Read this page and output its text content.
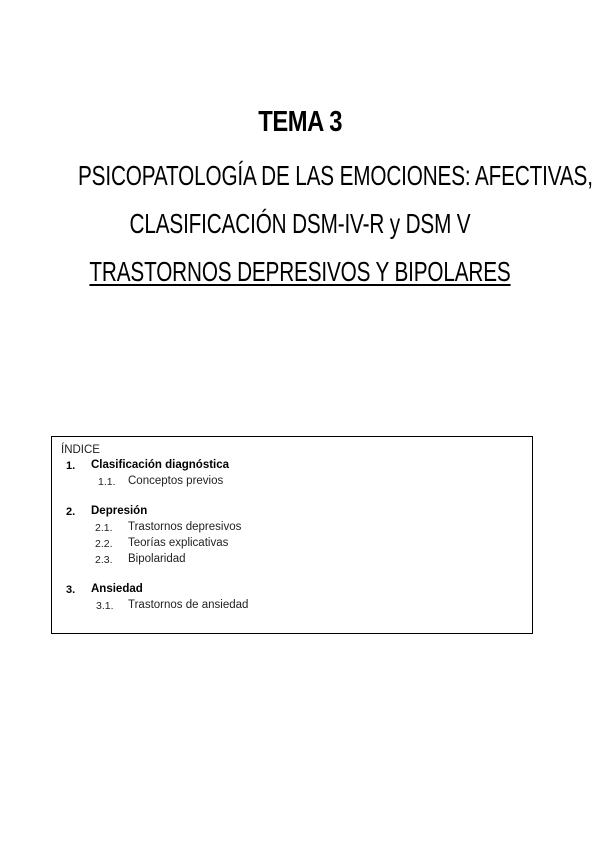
TEMA 3
PSICOPATOLOGÍA DE LAS EMOCIONES: AFECTIVAS,
CLASIFICACIÓN DSM-IV-R y DSM V
TRASTORNOS DEPRESIVOS Y BIPOLARES
ÍNDICE
1. Clasificación diagnóstica
1.1. Conceptos previos
2. Depresión
2.1. Trastornos depresivos
2.2. Teorías explicativas
2.3. Bipolaridad
3. Ansiedad
3.1. Trastornos de ansiedad
